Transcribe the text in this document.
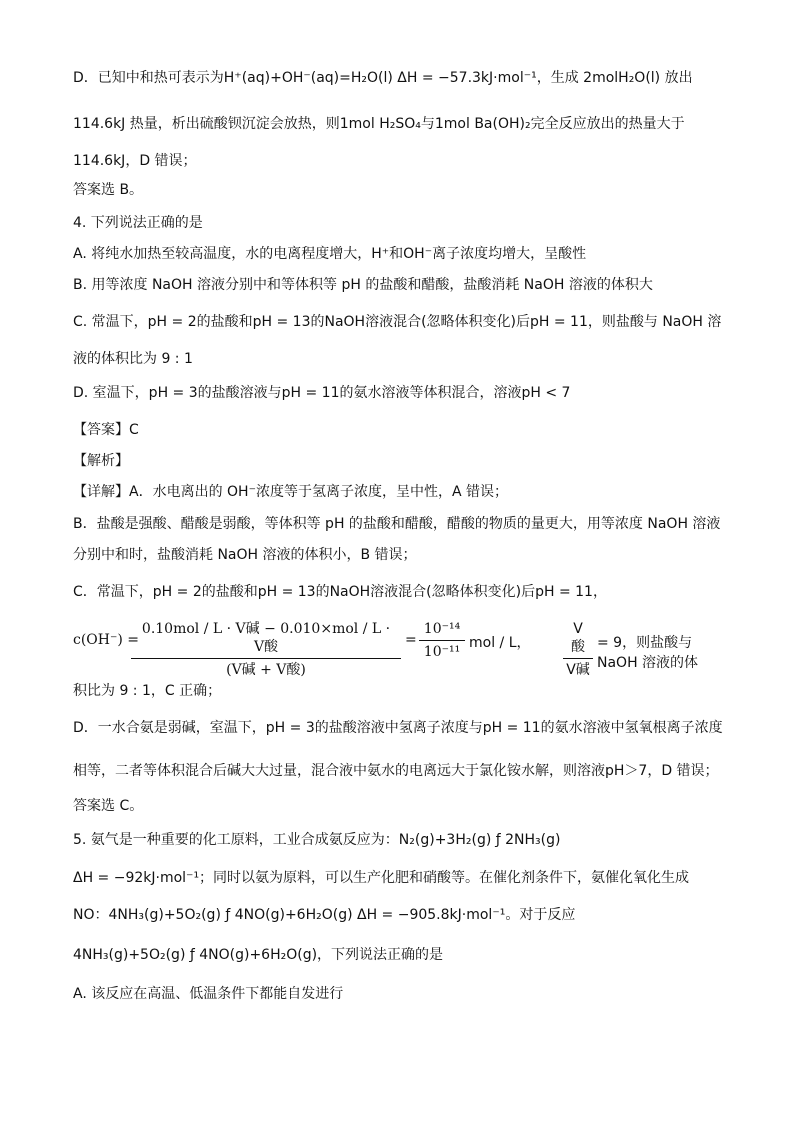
D．已知中和热可表示为H⁺(aq)+OH⁻(aq)=H₂O(l) ΔH = −57.3kJ·mol⁻¹，生成 2molH₂O(l) 放出
114.6kJ 热量，析出硫酸钡沉淀会放热，则1mol H₂SO₄与1mol Ba(OH)₂完全反应放出的热量大于
114.6kJ，D 错误；
答案选 B。
4. 下列说法正确的是
A. 将纯水加热至较高温度，水的电离程度增大，H⁺和OH⁻离子浓度均增大，呈酸性
B. 用等浓度 NaOH 溶液分别中和等体积等 pH 的盐酸和醋酸，盐酸消耗 NaOH 溶液的体积大
C. 常温下，pH = 2的盐酸和pH = 13的NaOH溶液混合(忽略体积变化)后pH = 11，则盐酸与 NaOH 溶
液的体积比为 9 : 1
D. 室温下，pH = 3的盐酸溶液与pH = 11的氨水溶液等体积混合，溶液pH < 7
【答案】C
【解析】
【详解】A．水电离出的 OH⁻浓度等于氢离子浓度，呈中性，A 错误；
B．盐酸是强酸、醋酸是弱酸，等体积等 pH 的盐酸和醋酸，醋酸的物质的量更大，用等浓度 NaOH 溶液
分别中和时，盐酸消耗 NaOH 溶液的体积小，B 错误；
C．常温下，pH = 2的盐酸和pH = 13的NaOH溶液混合(忽略体积变化)后pH = 11，
c(OH⁻) =
0.10mol / L · V碱 − 0.010×mol / L · V酸
(V碱 + V酸)
= $\frac{\text{10⁻¹⁴}}{\text{10⁻¹¹}}$ mol / L，
V酸
V碱
= 9，则盐酸与 NaOH 溶液的体
积比为 9 : 1，C 正确；
D．一水合氨是弱碱，室温下，pH = 3的盐酸溶液中氢离子浓度与pH = 11的氨水溶液中氢氧根离子浓度
相等，二者等体积混合后碱大大过量，混合液中氨水的电离远大于氯化铵水解，则溶液pH＞7，D 错误；
答案选 C。
5. 氨气是一种重要的化工原料，工业合成氨反应为：N₂(g)+3H₂(g) ƒ 2NH₃(g)
ΔH = −92kJ·mol⁻¹；同时以氨为原料，可以生产化肥和硝酸等。在催化剂条件下，氨催化氧化生成
NO：4NH₃(g)+5O₂(g) ƒ 4NO(g)+6H₂O(g) ΔH = −905.8kJ·mol⁻¹。对于反应
4NH₃(g)+5O₂(g) ƒ 4NO(g)+6H₂O(g)，下列说法正确的是
A. 该反应在高温、低温条件下都能自发进行
